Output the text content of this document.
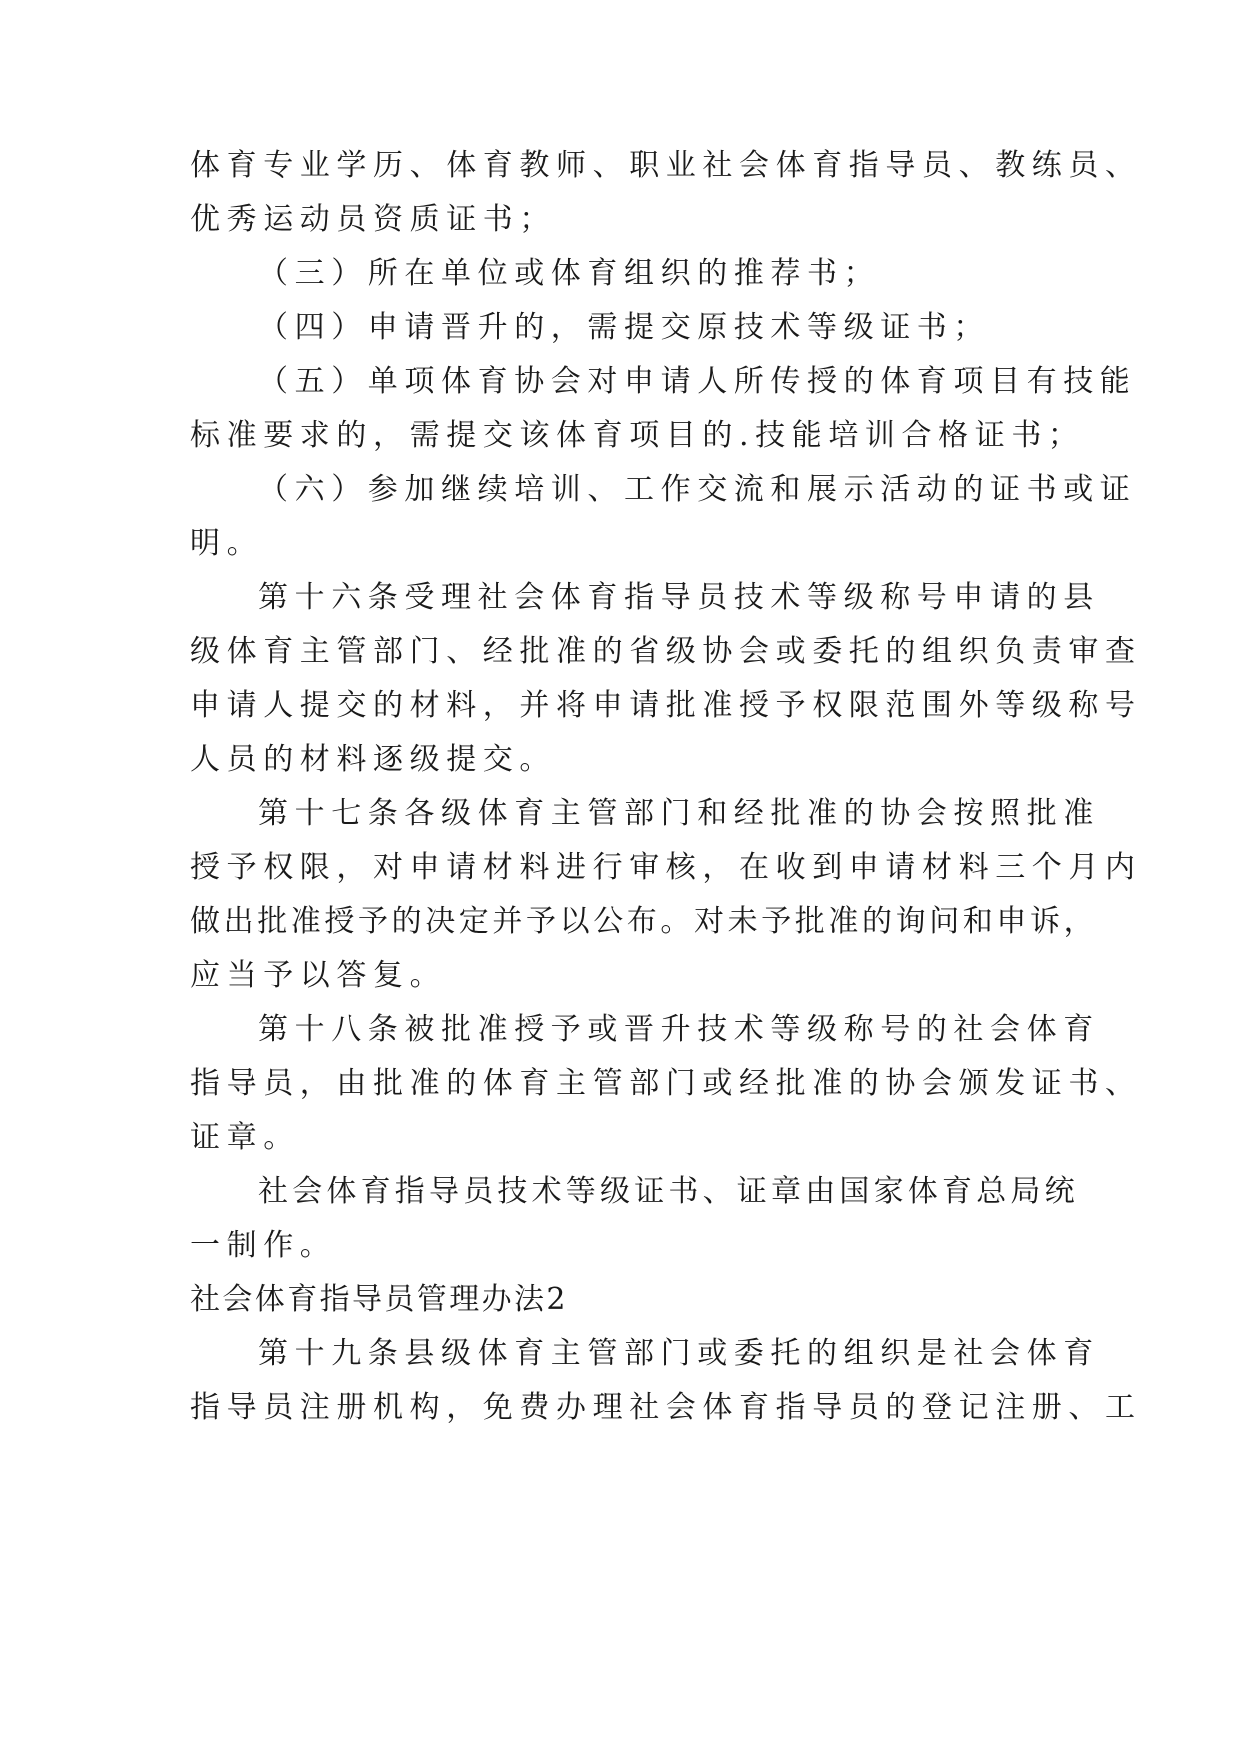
体育专业学历、体育教师、职业社会体育指导员、教练员、
优秀运动员资质证书；
（三）所在单位或体育组织的推荐书；
（四）申请晋升的，需提交原技术等级证书；
（五）单项体育协会对申请人所传授的体育项目有技能
标准要求的，需提交该体育项目的.技能培训合格证书；
（六）参加继续培训、工作交流和展示活动的证书或证
明。
第十六条受理社会体育指导员技术等级称号申请的县
级体育主管部门、经批准的省级协会或委托的组织负责审查
申请人提交的材料，并将申请批准授予权限范围外等级称号
人员的材料逐级提交。
第十七条各级体育主管部门和经批准的协会按照批准
授予权限，对申请材料进行审核，在收到申请材料三个月内
做出批准授予的决定并予以公布。对未予批准的询问和申诉，
应当予以答复。
第十八条被批准授予或晋升技术等级称号的社会体育
指导员，由批准的体育主管部门或经批准的协会颁发证书、
证章。
社会体育指导员技术等级证书、证章由国家体育总局统
一制作。
社会体育指导员管理办法2
第十九条县级体育主管部门或委托的组织是社会体育
指导员注册机构，免费办理社会体育指导员的登记注册、工
